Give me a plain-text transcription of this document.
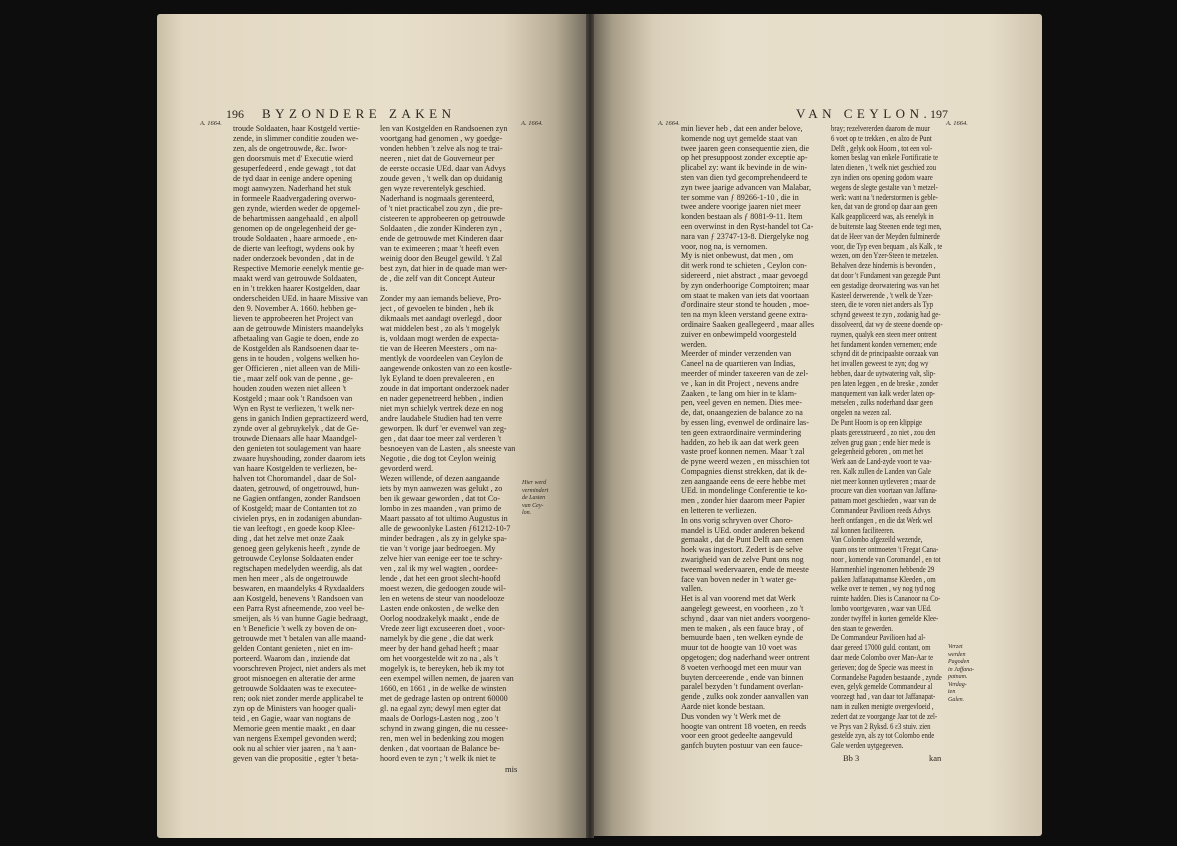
196 BYZONDERE ZAKEN
A. 1664.	A. 1664.
troude Soldaaten, haar Kostgeld vertie-
zende, in slimmer conditie zouden we-
zen, als de ongetrouwde, &c. Iwor-
gen doorsmuis met d' Executie wierd
gesuperfedeerd , ende gewagt , tot dat
de tyd daar in eenige andere opening
mogt aanwyzen. Naderhand het stuk
in formeele Raadvergadering overwo-
gen zynde, wierden weder de opgemel-
de behartmissen aangehaald , en alpoll
genomen op de ongelegenheid der ge-
troude Soldaaten , haare armoede , en-
de dierte van leeftogt, wydens ook by
nader onderzoek bevonden , dat in de
Respective Memorie eenelyk mentie ge-
maakt werd van getrouwde Soldaaten,
en in 't trekken haarer Kostgelden, daar
onderscheiden UEd. in haare Missive van
den 9. November A. 1660. hebben ge-
lieven te approbeeren het Project van
aan de getrouwde Ministers maandelyks
afbetaaling van Gagie te doen, ende zo
de Kostgelden als Randsoenen daar te-
gens in te houden , volgens welken ho-
ger Officieren , niet alleen van de Mili-
tie , maar zelf ook van de penne , ge-
houden zouden wezen niet alleen 't
Kostgeld ; maar ook 't Randsoen van
Wyn en Ryst te verliezen, 't welk ner-
gens in ganich Indien gepractizeerd werd,
zynde over al gebruykelyk , dat de Ge-
trouwde Dienaars alle haar Maandgel-
den genieten tot soulagement van haare
zwaare huyshouding, zonder daarom iets
van haare Kostgelden te verliezen, be-
halven tot Choromandel , daar de Sol-
daaten, getrouwd, of ongetrouwd, hun-
ne Gagien ontfangen, zonder Randsoen
of Kostgeld; maar de Contanten tot zo
civielen prys, en in zodanigen abundan-
tie van leeftogt , en goede koop Klee-
ding , dat het zelve met onze Zaak
genoeg geen gelykenis heeft , zynde de
getrouwde Ceylonse Soldaaten ender
regtschapen medelyden weerdig, als dat
men hen meer , als de ongetrouwde
beswaren, en maandelyks 4 Ryxdaalders
aan Kostgeld, benevens 't Randsoen van
een Parra Ryst afneemende, zoo veel be-
smeijen, als ½ van hunne Gagie bedraagt,
en 't Beneficie 't welk zy boven de on-
getrouwde met 't betalen van alle maand-
gelden Contant genieten , niet en im-
porteerd. Waarom dan , inziende dat
voorschreven Project, niet anders als met
groot misnoegen en alteratie der arme
getrouwde Soldaaten was te executee-
ren; ook niet zonder merde applicabel te
zyn op de Ministers van hooger quali-
teid , en Gagie, waar van nogtans de
Memorie geen mentie maakt , en daar
van nergens Exempel gevonden werd;
ook nu al schier vier jaaren , na 't aan-
geven van die propositie , egter 't beta-
len van Kostgelden en Randsoenen zyn
voortgang had genomen , wy goedge-
vonden hebben 't zelve als nog te trai-
neeren , niet dat de Gouverneur per
de eerste occasie UEd. daar van Advys
zoude geven , 't welk dan op duidanig
gen wyze reverentelyk geschied.
Naderhand is nogmaals gerenteerd,
of 't niet practicabel zou zyn , die pre-
cisteeren te approbeeren op getrouwde
Soldaaten , die zonder Kinderen zyn ,
ende de getrouwde met Kinderen daar
van te eximeeren ; maar 't heeft even
weinig door den Beugel gewild. 't Zal
best zyn, dat hier in de quade man wer-
de , die zelf van dit Concept Auteur
is.
Zonder my aan iemands believe, Pro-
ject , of gevoelen te binden , heb ik
dikmaals met aandagt overlegd , door
wat middelen best , zo als 't mogelyk
is, voldaan mogt werden de expecta-
tie van de Heeren Meesters , om na-
mentlyk de voordeelen van Ceylon de
aangewende onkosten van zo een kostle-
lyk Eyland te doen prevaleeren , en
zoude in dat important onderzoek nader
en nader gepenetreerd hebben , indien
niet myn schielyk vertrek deze en nog
andre laudabele Studien had ten verre
geworpen. Ik durf 'er evenwel van zeg-
gen , dat daar toe meer zal verderen 't
besnoeyen van de Lasten , als sneeste van
Negotie , die dog tot Ceylon weinig
gevorderd werd.
Wezen willende, of dezen aangaande
iets by myn aanwezen was gelukt , zo
ben ik gewaar geworden , dat tot Co-
lombo in zes maanden , van primo de
Maart passato af tot ultimo Augustus in
alle de gewoonlyke Lasten ƒ61212-10-7
minder bedragen , als zy in gelyke spa-
tie van 't vorige jaar bedroegen. My
zelve hier van eenige eer toe te schry-
ven , zal ik my wel wagten , oordee-
lende , dat het een groot slecht-hoofd
moest wezen, die gedoogen zoude wil-
len en wetens de steur van noodelooze
Lasten ende onkosten , de welke den
Oorlog noodzakelyk maakt , ende de
Vrede zeer ligt excuseeren doet , voor-
namelyk by die gene , die dat werk
meer by der hand gehad heeft ; maar
om het voorgestelde wit zo na , als 't
mogelyk is, te bereyken, heb ik my tot
een exempel willen nemen, de jaaren van
1660, en 1661 , in de welke de winsten
met de gedrage lasten op ontrent 60000
gl. na egaal zyn; dewyl men egter dat
maals de Oorlogs-Lasten nog , zoo 't
schynd in zwang gingen, die nu cessee-
ren, men wel in bedenking zou mogen
denken , dat voortaan de Balance be-
hoord even te zyn ; 't welk ik niet te
Hier werd
vermindert
de Lasten
van Cey-
lon.
mis
VAN CEYLON.
197
A. 1664.	A. 1664.
min liever heb , dat een ander belove,
komende nog uyt gemelde staat van
twee jaaren geen consequentie zien, die
op het presuppoost zonder exceptie ap-
plicabel zy: want ik bevinde in de win-
sten van dien tyd gecomprehendeerd te
zyn twee jaarige advancen van Malabar,
ter somme van ƒ 89266-1-10 , die in
twee andere voorige jaaren niet meer
konden bestaan als ƒ 8081-9-11. Item
een overwinst in den Ryst-handel tot Ca-
nara van ƒ 23747-13-8. Diergelyke nog
voor, nog na, is vernomen.
My is niet onbewust, dat men , om
dit werk rond te schieten , Ceylon con-
sidereerd , niet abstract , maar gevoegd
by zyn onderhoorige Comptoiren; maar
om staat te maken van iets dat voortaan
d'ordinaire steur stond te houden , moe-
ten na myn kleen verstand geene extra-
ordinaire Saaken geallegeerd , maar alles
zuiver en onbewimpeld voorgesteld
werden.
Meerder of minder verzenden van
Caneel na de quartieren van Indias,
meerder of minder taxeeren van de zel-
ve , kan in dit Project , nevens andre
Zaaken , te lang om hier in te klam-
pen, veel geven en nemen. Dies mee-
de, dat, onaangezien de balance zo na
by essen ling, evenwel de ordinaire las-
ten geen extraordinaire vermindering
hadden, zo heb ik aan dat werk geen
vaste proef konnen nemen. Maar 't zal
de pyne weerd wezen , en misschien tot
Compagnies dienst strekken, dat ik de-
zen aangaande eens de eere hebbe met
UEd. in mondelinge Conferentie te ko-
men , zonder hier daarom meer Papier
en letteren te verliezen.
In ons vorig schryven over Choro-
mandel is UEd. onder anderen bekend
gemaakt , dat de Punt Delft aan eenen
hoek was ingestort. Zedert is de selve
zwarigheid van de zelve Punt ons nog
tweemaal wedervaaren, ende de meeste
face van boven neder in 't water ge-
vallen.
Het is al van voorend met dat Werk
aangelegt geweest, en voorheen , zo 't
schynd , daar van niet anders voorgeno-
men te maken , als een fauce bray , of
bemuurde baen , ten welken eynde de
muur tot de hoogte van 10 voet was
opgetogen; dog naderhand weer ontrent
8 voeten verhoogd met een muur van
buyten derceerende , ende van binnen
paralel bezyden 't fundament overlan-
gende , zulks ook zonder aanvallen van
Aarde niet konde bestaan.
Dus vonden wy 't Werk met de
hoogte van ontrent 18 voeten, en reeds
voor een groot gedeelte aangevuld
ganfch buyten postuur van een fauce-
bray; rezelvererden daarom de muur
6 voet op te trekken , en alzo de Punt
Delft , gelyk ook Hoorn , tot een vol-
komen beslag van enkele Fortificatie te
laten dienen , 't welk niet geschied zou
zyn indien ons opening godom waare
wegens de slegte gestalte van 't metzel-
werk: want na 't nederstormen is geble-
ken, dat van de grond op daar aan geen
Kalk geappliceerd was, als eenelyk in
de buitenste laag Steenen ende tegt men,
dat de Heer van der Meyden fulminerde
voor, die Typ even bequam , als Kalk , te
wezen, om den Yzer-Steen te metzelen.
Behalven deze hindernis is bevonden ,
dat door 't Fundament van gezegde Punt
een gestadige deorwatering was van het
Kasteel derwerende , 't welk de Yzer-
steen, die te voren niet anders als Typ
schynd geweest te zyn , zodanig had ge-
dissolveerd, dat wy de steene doende op-
ruymen, qualyk een steen meer ontrent
het fundament konden vernemen; ende
schynd dit de principaalste oorzaak van
het invallen geweest te zyn; dog wy
hebben, daar de uytwatering valt, slip-
pen laten leggen , en de breske , zonder
manquement van kalk weder laten op-
metselen , zulks noderhand daar geen
ongelen na wezen zal.
De Punt Hoorn is op een klippige
plaats gerexstrueerd , zo niet , zou den
zelven grug gaan ; ende hier mede is
gelegenheid geboren , om met het
Werk aan de Land-zyde voort te vaa-
ren. Kalk zullen de Landen van Gale
niet meer konnen uytleveren ; maar de
procure van dien voortaan van Jaffana-
patnam moet geschieden , waar van de
Commandeur Pavilioen reeds Advys
heeft ontfangen , en die dat Werk wel
zal konnen faciliteeren.
Van Colombo afgezeild wezende,
quam ons ter ontmoeten 't Fregat Cana-
noor , komende van Coromandel , en tot
Hammenhiel ingenomen hebbende 29
pakken Jaffanapatnamse Kleeden , om
welke over te nemen , wy nog tyd nog
ruimte hadden. Dies is Cananoor na Co-
lombo voortgevaren , waar van UEd.
zonder twyffel in korten gemelde Klee-
den staan te gewerden.
De Commandeur Pavilioen had al-
daar gereed 17000 guld. contant, om
daar mede Colombo over Man-Aar te
gerieven; dog de Specie was meest in
Cormandelse Pagoden bestaande , zynde
even, gelyk gemelde Commandeur al
voorzegt had , van daar tot Jaffanapat-
nam in zulken menigte overgevloeid ,
zedert dat ze voorgange Jaar tot de zel-
ve Prys van 2 Ryksd. 6 ɛ3 stuiv. zien
gestelde zyn, als zy tot Colombo ende
Gale werden uytgegeeven.
Verzet
werden
Pagoden
in Jaffana-
patnam.
Verdag-
ten
Galen.
Bb 3	kan
